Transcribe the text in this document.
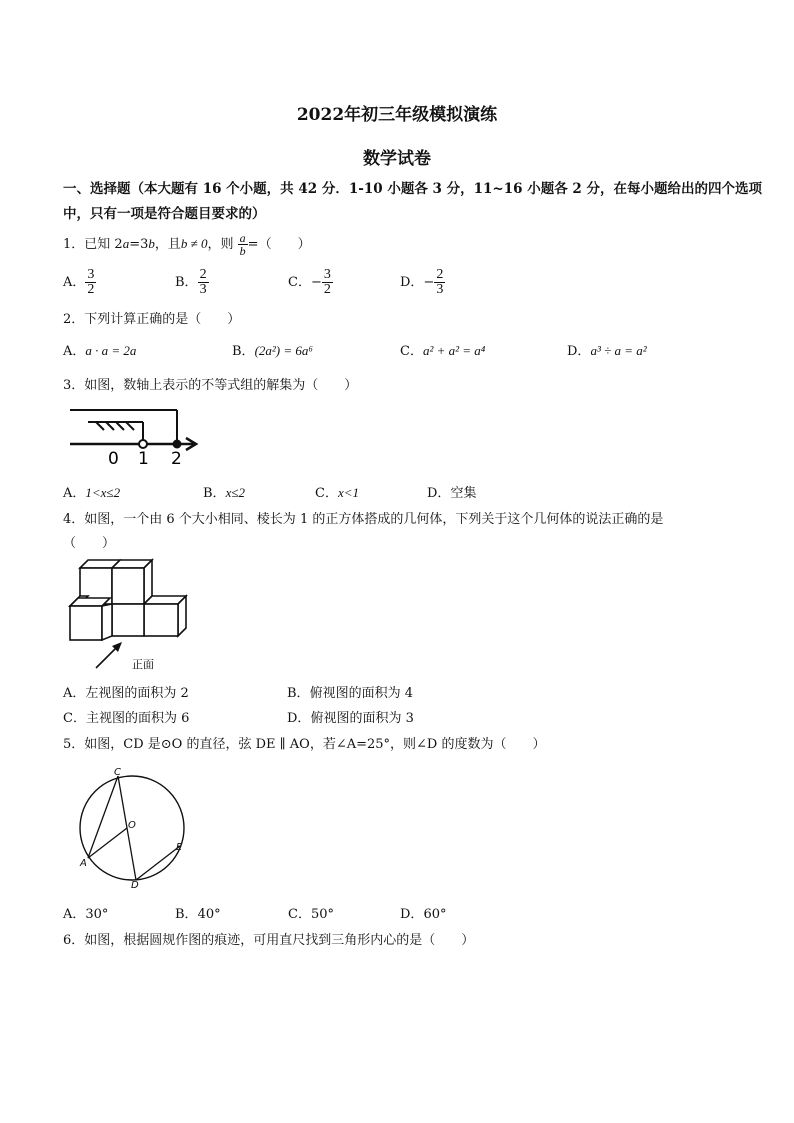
2022年初三年级模拟演练
数学试卷
一、选择题（本大题有 16 个小题，共 42 分．1-10 小题各 3 分，11~16 小题各 2 分，在每小题给出的四个选项
中，只有一项是符合题目要求的）
1．已知 2a=3b，且b ≠ 0，则 $\frac{a}{b}$ =（　　）
A． $\frac{3}{2}$	B． $\frac{2}{3}$	C．− $\frac{3}{2}$	D．− $\frac{2}{3}$
2．下列计算正确的是（　　）
A．a · a = 2a	B．(2a²) = 6a⁶	C．a² + a² = a⁴	D．a³ ÷ a = a²
3．如图，数轴上表示的不等式组的解集为（　　）
0 1 2
A．1<x≤2	B．x≤2	C．x<1	D．空集
4．如图，一个由 6 个大小相同、棱长为 1 的正方体搭成的几何体，下列关于这个几何体的说法正确的是
（　　）
正面
A．左视图的面积为 2	B．俯视图的面积为 4
C．主视图的面积为 6	D．俯视图的面积为 3
5．如图，CD 是⊙O 的直径，弦 DE ∥ AO，若∠A=25°，则∠D 的度数为（　　）
C
O
A
E
D
A．30°	B．40°	C．50°	D．60°
6．如图，根据圆规作图的痕迹，可用直尺找到三角形内心的是（　　）
